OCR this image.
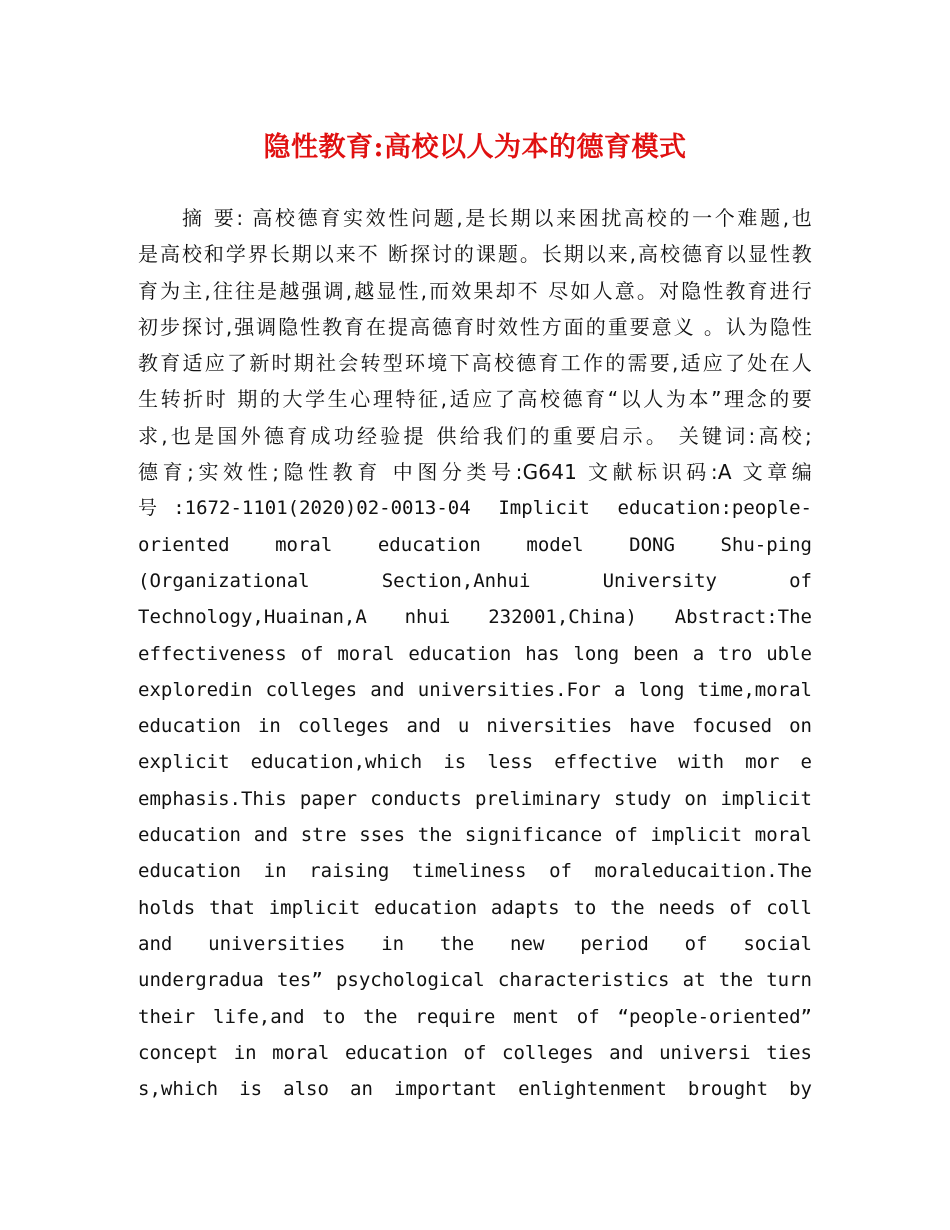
隐性教育:高校以人为本的德育模式
摘 要: 高校德育实效性问题,是长期以来困扰高校的一个难题,也
是高校和学界长期以来不 断探讨的课题。长期以来,高校德育以显性教
育为主,往往是越强调,越显性,而效果却不 尽如人意。对隐性教育进行
初步探讨,强调隐性教育在提高德育时效性方面的重要意义 。认为隐性
教育适应了新时期社会转型环境下高校德育工作的需要,适应了处在人
生转折时 期的大学生心理特征,适应了高校德育“以人为本”理念的要
求,也是国外德育成功经验提 供给我们的重要启示。 关键词:高校;
德育;实效性;隐性教育 中图分类号:G641 文献标识码:A 文章编
号:1672-1101(2020)02-0013-04 Implicit education:people-
oriented moral education model DONG Shu-ping
(Organizational Section,Anhui University of
Technology,Huainan,A nhui 232001,China) Abstract:The
effectiveness of moral education has long been a tro uble
exploredin colleges and universities.For a long time,moral
education in colleges and u niversities have focused on
explicit education,which is less effective with mor e
emphasis.This paper conducts preliminary study on implicit
education and stre sses the significance of implicit moral
education in raising timeliness of moraleducaition.The
holds that implicit education adapts to the needs of coll
and universities in the new period of social
undergradua tes” psychological characteristics at the turn
their life,and to the require ment of “people-oriented”
concept in moral education of colleges and universi ties
s,which is also an important enlightenment brought by
